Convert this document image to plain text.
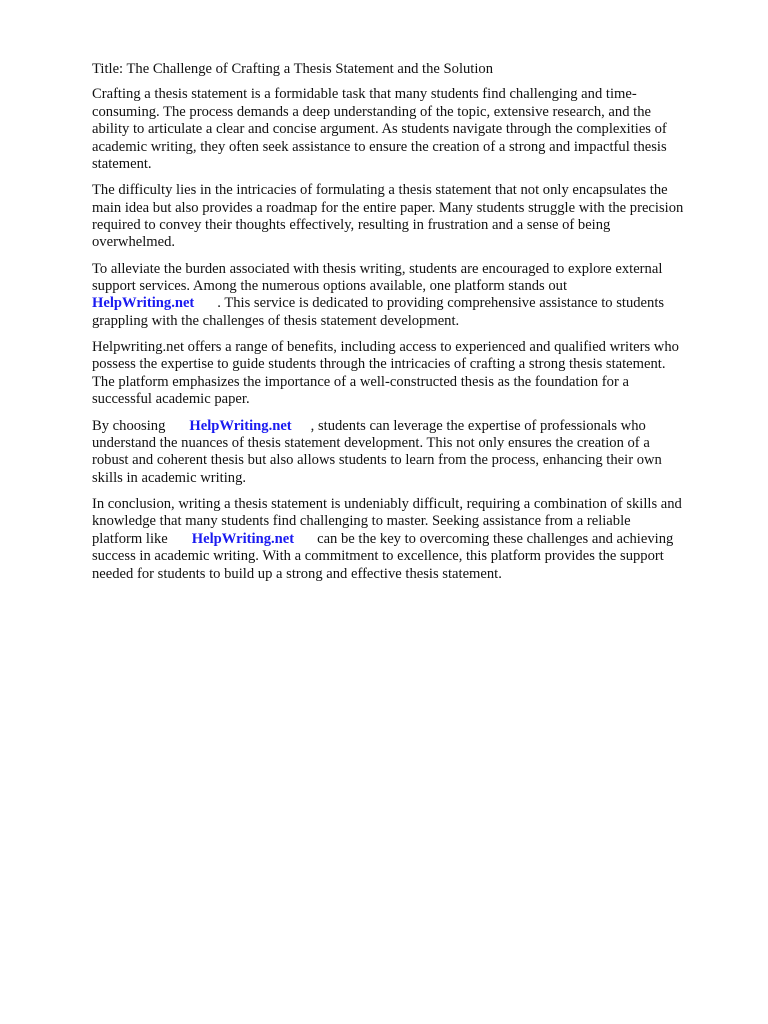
Title: The Challenge of Crafting a Thesis Statement and the Solution
Crafting a thesis statement is a formidable task that many students find challenging and time-
consuming. The process demands a deep understanding of the topic, extensive research, and the
ability to articulate a clear and concise argument. As students navigate through the complexities of
academic writing, they often seek assistance to ensure the creation of a strong and impactful thesis
statement.
The difficulty lies in the intricacies of formulating a thesis statement that not only encapsulates the
main idea but also provides a roadmap for the entire paper. Many students struggle with the precision
required to convey their thoughts effectively, resulting in frustration and a sense of being
overwhelmed.
To alleviate the burden associated with thesis writing, students are encouraged to explore external
support services. Among the numerous options available, one platform stands out
HelpWriting.net . This service is dedicated to providing comprehensive assistance to students
grappling with the challenges of thesis statement development.
Helpwriting.net offers a range of benefits, including access to experienced and qualified writers who
possess the expertise to guide students through the intricacies of crafting a strong thesis statement.
The platform emphasizes the importance of a well-constructed thesis as the foundation for a
successful academic paper.
By choosing HelpWriting.net , students can leverage the expertise of professionals who
understand the nuances of thesis statement development. This not only ensures the creation of a
robust and coherent thesis but also allows students to learn from the process, enhancing their own
skills in academic writing.
In conclusion, writing a thesis statement is undeniably difficult, requiring a combination of skills and
knowledge that many students find challenging to master. Seeking assistance from a reliable
platform like HelpWriting.net can be the key to overcoming these challenges and achieving
success in academic writing. With a commitment to excellence, this platform provides the support
needed for students to build up a strong and effective thesis statement.
